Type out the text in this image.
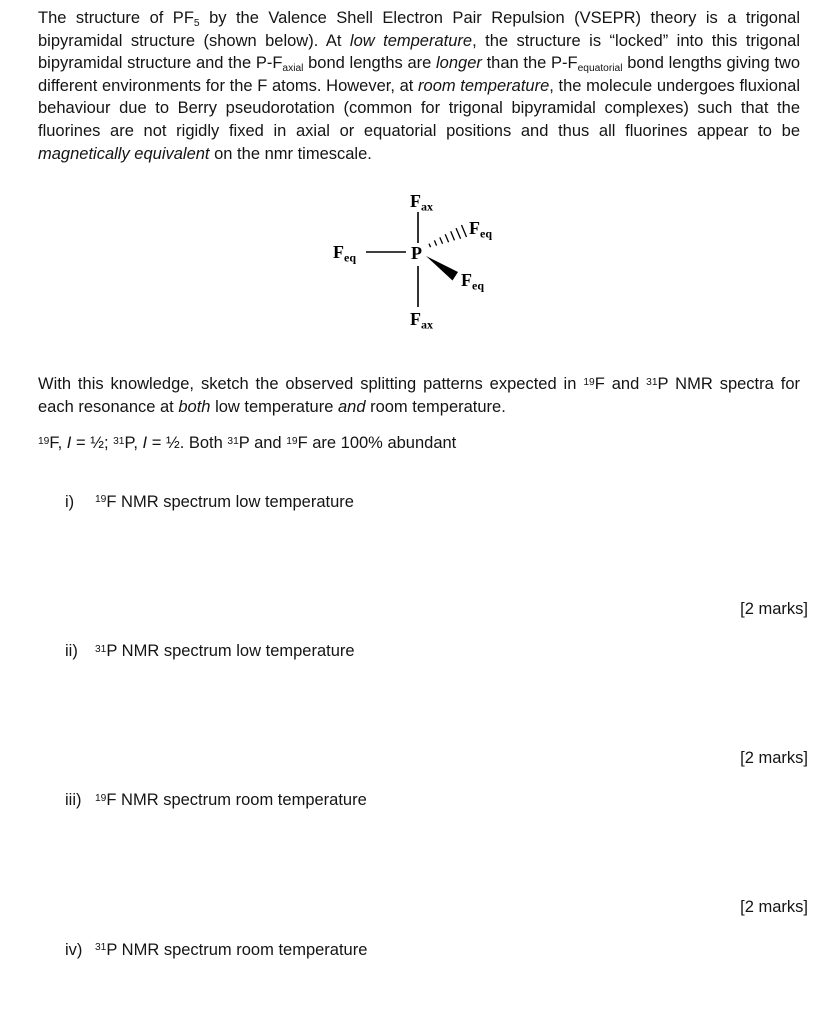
The structure of $PF_5$ by the Valence Shell Electron Pair Repulsion (VSEPR) theory is a trigonal bipyramidal structure (shown below). At low temperature, the structure is “locked” into this trigonal bipyramidal structure and the $P-F_{axial}$ bond lengths are longer than the $P-F_{equatorial}$ bond lengths giving two different environments for the F atoms. However, at room temperature, the molecule undergoes fluxional behaviour due to Berry pseudorotation (common for trigonal bipyramidal complexes) such that the fluorines are not rigidly fixed in axial or equatorial positions and thus all fluorines appear to be magnetically equivalent on the nmr timescale.

Fax
Feq	P
Feq
Feq
Fax

With this knowledge, sketch the observed splitting patterns expected in $^{19}$F and $^{31}$P NMR spectra for each resonance at both low temperature and room temperature.

$^{19}$F, I = ½; $^{31}$P, I = ½. Both $^{31}$P and $^{19}$F are 100% abundant

i)	$^{19}$F NMR spectrum low temperature
[2 marks]
ii)	$^{31}$P NMR spectrum low temperature
[2 marks]
iii)	$^{19}$F NMR spectrum room temperature
[2 marks]
iv)	$^{31}$P NMR spectrum room temperature
